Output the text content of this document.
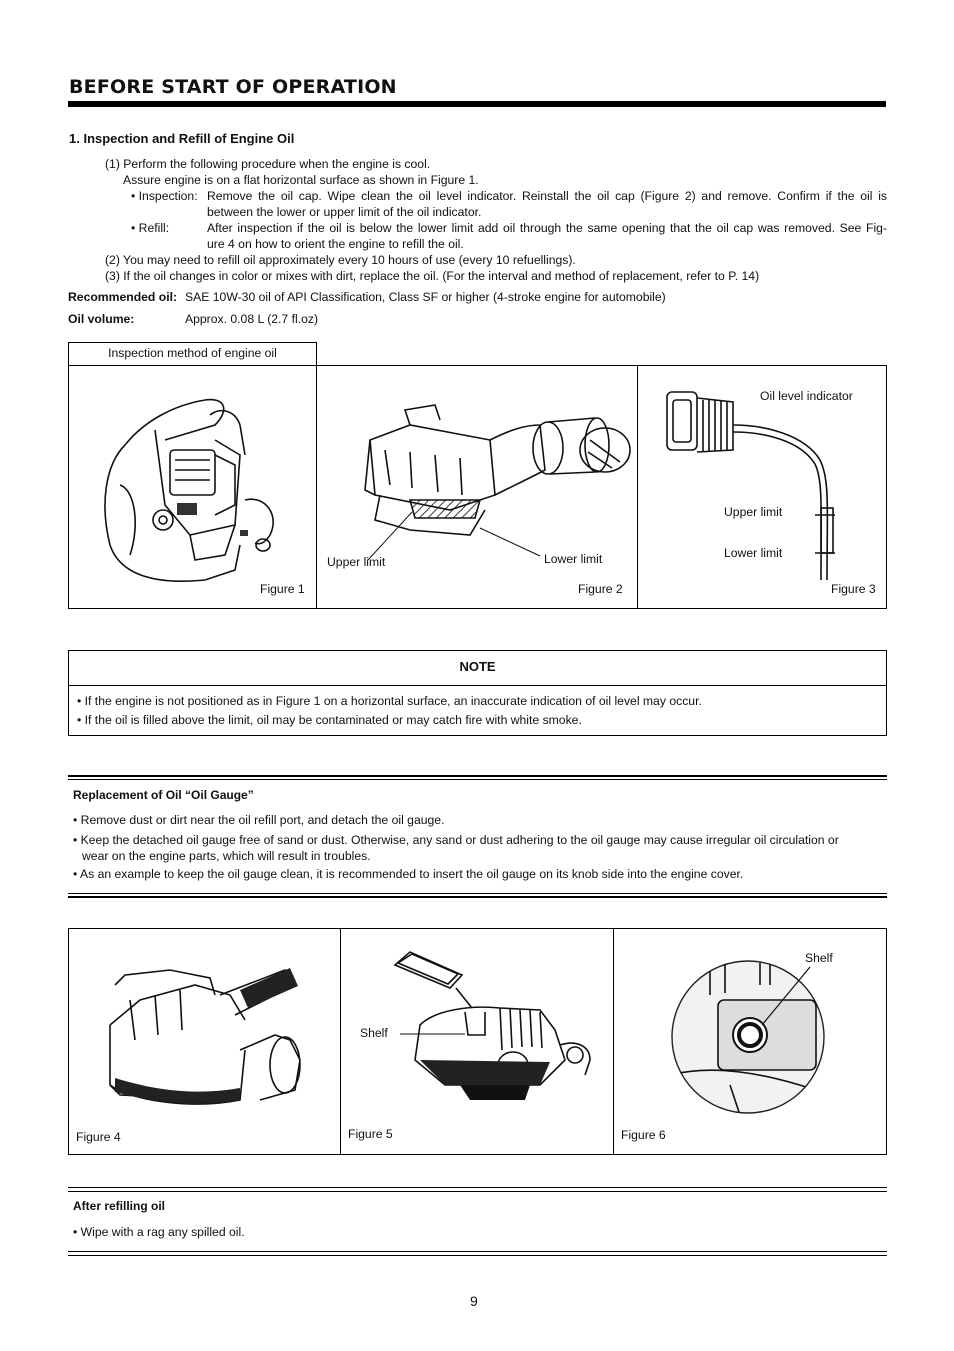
BEFORE START OF OPERATION
1. Inspection and Refill of Engine Oil
(1) Perform the following procedure when the engine is cool.
Assure engine is on a flat horizontal surface as shown in Figure 1.
• Inspection: Remove the oil cap. Wipe clean the oil level indicator. Reinstall the oil cap (Figure 2) and remove. Confirm if the oil is
between the lower or upper limit of the oil indicator.
• Refill:	After inspection if the oil is below the lower limit add oil through the same opening that the oil cap was removed. See Fig-
ure 4 on how to orient the engine to refill the oil.
(2) You may need to refill oil approximately every 10 hours of use (every 10 refuellings).
(3) If the oil changes in color or mixes with dirt, replace the oil. (For the interval and method of replacement, refer to P. 14)
Recommended oil: SAE 10W-30 oil of API Classification, Class SF or higher (4-stroke engine for automobile)
Oil volume:	Approx. 0.08 L (2.7 fl.oz)
Inspection method of engine oil
Figure 1
Upper limit	Lower limit
Figure 2
Oil level indicator
Upper limit
Lower limit
Figure 3
NOTE
• If the engine is not positioned as in Figure 1 on a horizontal surface, an inaccurate indication of oil level may occur.
• If the oil is filled above the limit, oil may be contaminated or may catch fire with white smoke.
Replacement of Oil “Oil Gauge”
• Remove dust or dirt near the oil refill port, and detach the oil gauge.
• Keep the detached oil gauge free of sand or dust. Otherwise, any sand or dust adhering to the oil gauge may cause irregular oil circulation or
wear on the engine parts, which will result in troubles.
• As an example to keep the oil gauge clean, it is recommended to insert the oil gauge on its knob side into the engine cover.
Figure 4
Shelf
Figure 5
Shelf
Figure 6
After refilling oil
• Wipe with a rag any spilled oil.
9
